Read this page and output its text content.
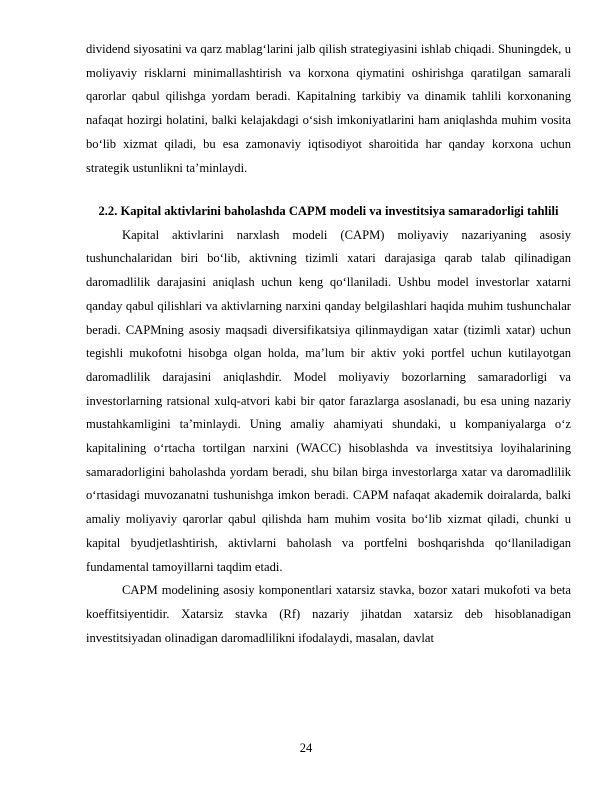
dividend siyosatini va qarz mablag‘larini jalb qilish strategiyasini ishlab chiqadi. Shuningdek, u moliyaviy risklarni minimallashtirish va korxona qiymatini oshirishga qaratilgan samarali qarorlar qabul qilishga yordam beradi. Kapitalning tarkibiy va dinamik tahlili korxonaning nafaqat hozirgi holatini, balki kelajakdagi o‘sish imkoniyatlarini ham aniqlashda muhim vosita bo‘lib xizmat qiladi, bu esa zamonaviy iqtisodiyot sharoitida har qanday korxona uchun strategik ustunlikni ta’minlaydi.

2.2. Kapital aktivlarini baholashda CAPM modeli va investitsiya samaradorligi tahlili

Kapital aktivlarini narxlash modeli (CAPM) moliyaviy nazariyaning asosiy tushunchalaridan biri bo‘lib, aktivning tizimli xatari darajasiga qarab talab qilinadigan daromadlilik darajasini aniqlash uchun keng qo‘llaniladi. Ushbu model investorlar xatarni qanday qabul qilishlari va aktivlarning narxini qanday belgilashlari haqida muhim tushunchalar beradi. CAPMning asosiy maqsadi diversifikatsiya qilinmaydigan xatar (tizimli xatar) uchun tegishli mukofotni hisobga olgan holda, ma’lum bir aktiv yoki portfel uchun kutilayotgan daromadlilik darajasini aniqlashdir. Model moliyaviy bozorlarning samaradorligi va investorlarning ratsional xulq-atvori kabi bir qator farazlarga asoslanadi, bu esa uning nazariy mustahkamligini ta’minlaydi. Uning amaliy ahamiyati shundaki, u kompaniyalarga o‘z kapitalining o‘rtacha tortilgan narxini (WACC) hisoblashda va investitsiya loyihalarining samaradorligini baholashda yordam beradi, shu bilan birga investorlarga xatar va daromadlilik o‘rtasidagi muvozanatni tushunishga imkon beradi. CAPM nafaqat akademik doiralarda, balki amaliy moliyaviy qarorlar qabul qilishda ham muhim vosita bo‘lib xizmat qiladi, chunki u kapital byudjetlashtirish, aktivlarni baholash va portfelni boshqarishda qo‘llaniladigan fundamental tamoyillarni taqdim etadi.

CAPM modelining asosiy komponentlari xatarsiz stavka, bozor xatari mukofoti va beta koeffitsiyentidir. Xatarsiz stavka (Rf) nazariy jihatdan xatarsiz deb hisoblanadigan investitsiyadan olinadigan daromadlilikni ifodalaydi, masalan, davlat

24
